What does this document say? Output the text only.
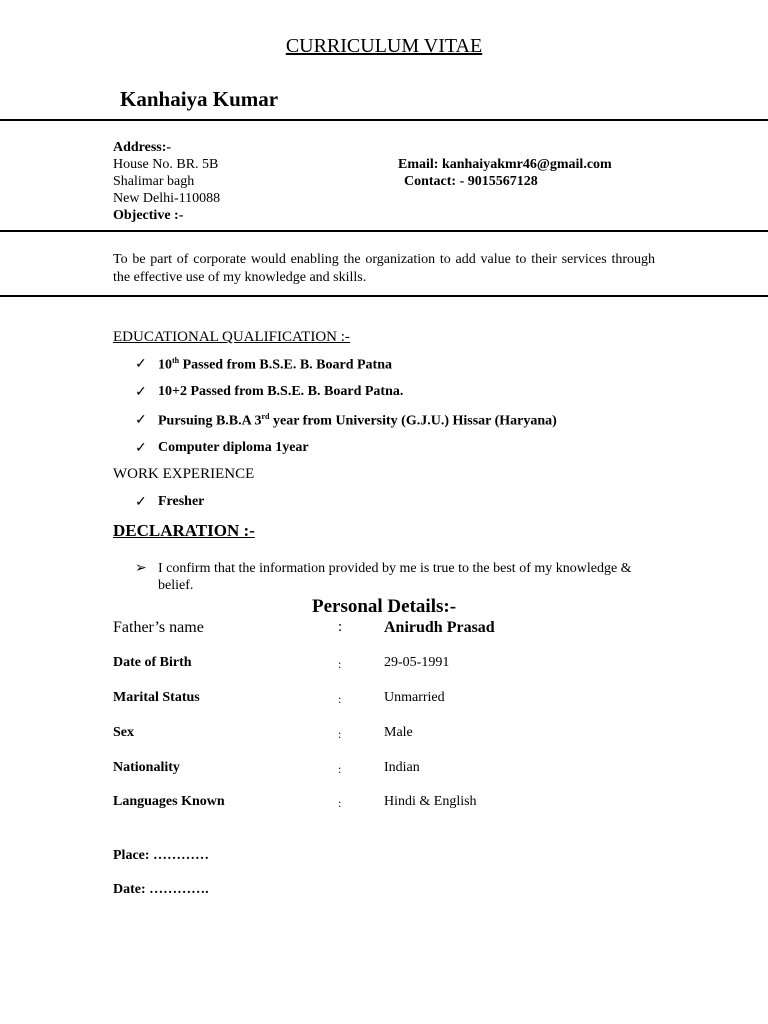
CURRICULUM VITAE
Kanhaiya Kumar
Address:-
House No. BR. 5B
Shalimar bagh
New Delhi-110088
Objective :-
Email: kanhaiyakmr46@gmail.com
Contact: - 9015567128
To be part of corporate would enabling the organization to add value to their services through the effective use of my knowledge and skills.
EDUCATIONAL QUALIFICATION :-
✓ 10th Passed from B.S.E. B. Board Patna
✓ 10+2 Passed from B.S.E. B. Board Patna.
✓ Pursuing B.B.A 3rd year from University (G.J.U.) Hissar (Haryana)
✓ Computer diploma 1year
WORK EXPERIENCE
✓ Fresher
DECLARATION :-
➢ I confirm that the information provided by me is true to the best of my knowledge & belief.
Personal Details:-
Father’s name	:	Anirudh Prasad
Date of Birth	:	29-05-1991
Marital Status	:	Unmarried
Sex	:	Male
Nationality	:	Indian
Languages Known	:	Hindi & English
Place: …………
Date: ………….
